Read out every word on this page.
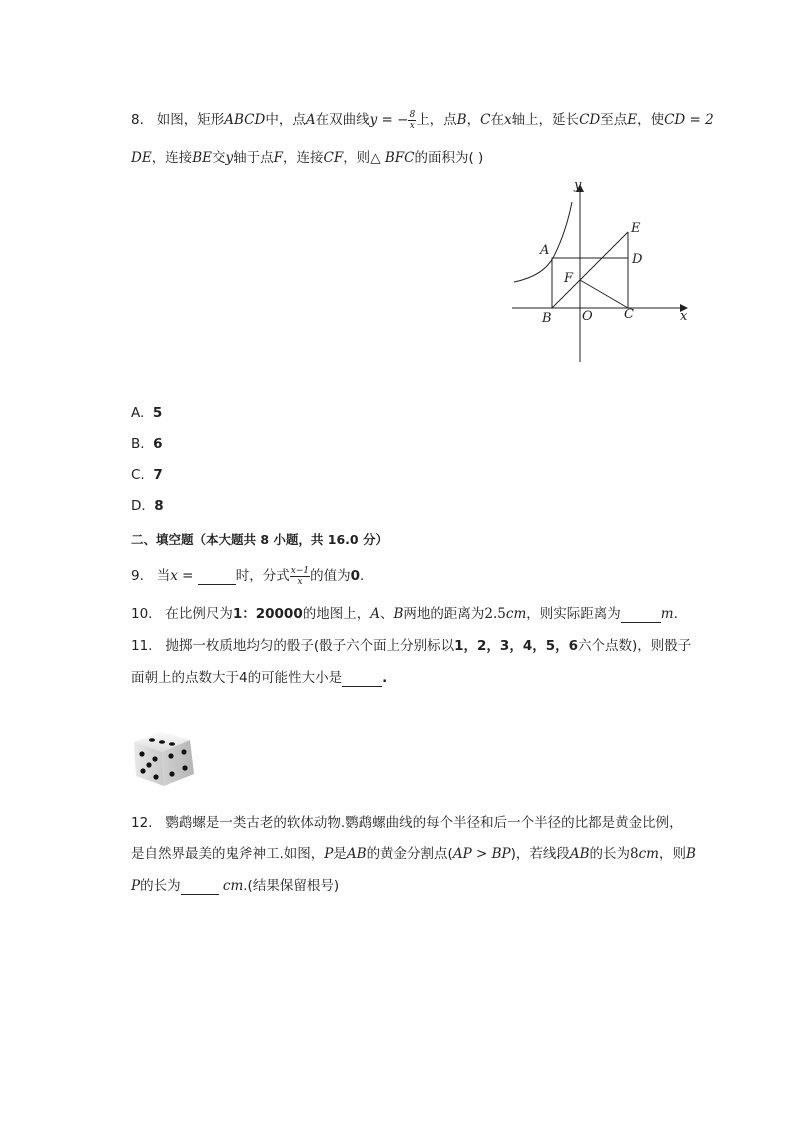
8. 如图，矩形ABCD中，点A在双曲线y = − $\frac{8}{x}$ 上，点B，C在x轴上，延长CD至点E，使CD = 2
DE，连接BE交y轴于点F，连接CF，则△ BFC的面积为( )
y
x
A
B	C
D
E
F
O
A. 5
B. 6
C. 7
D. 8
二、填空题（本大题共 8 小题，共 16.0 分）
9. 当x =	时，分式 $\frac{x-1}{x}$ 的值为0.
10. 在比例尺为1：20000的地图上，A、B两地的距离为2.5cm，则实际距离为	m.
11. 抛掷一枚质地均匀的骰子(骰子六个面上分别标以1，2，3，4，5，6六个点数)，则骰子
面朝上的点数大于4的可能性大小是	.
12. 鹦鹉螺是一类古老的软体动物.鹦鹉螺曲线的每个半径和后一个半径的比都是黄金比例，
是自然界最美的鬼斧神工.如图，P是AB的黄金分割点(AP > BP)，若线段AB的长为8cm，则B
P的长为	cm.(结果保留根号)
